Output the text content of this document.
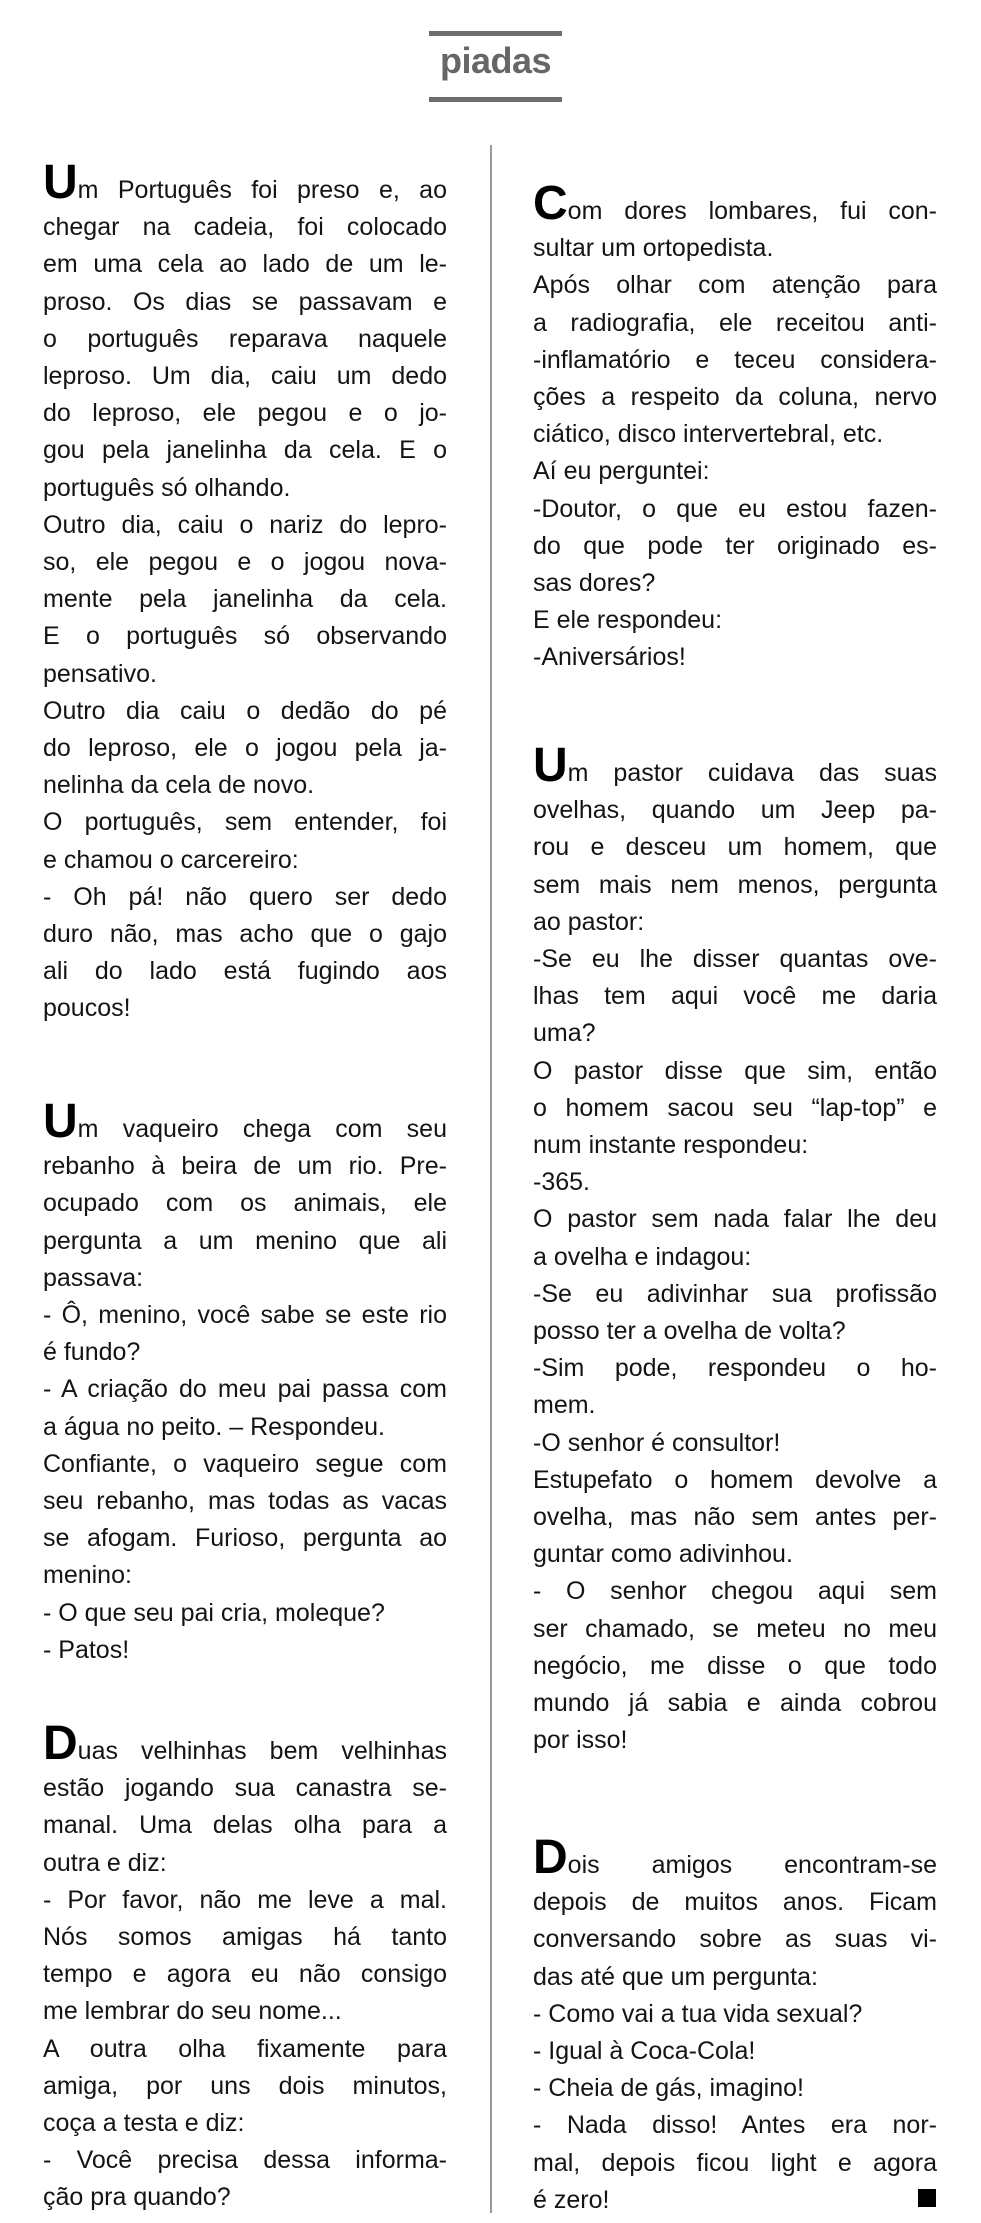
piadas
Um Português foi preso e, ao
chegar na cadeia, foi colocado
em uma cela ao lado de um le-
proso. Os dias se passavam e
o português reparava naquele
leproso. Um dia, caiu um dedo
do leproso, ele pegou e o jo-
gou pela janelinha da cela. E o
português só olhando.
Outro dia, caiu o nariz do lepro-
so, ele pegou e o jogou nova-
mente pela janelinha da cela.
E o português só observando
pensativo.
Outro dia caiu o dedão do pé
do leproso, ele o jogou pela ja-
nelinha da cela de novo.
O português, sem entender, foi
e chamou o carcereiro:
- Oh pá! não quero ser dedo
duro não, mas acho que o gajo
ali do lado está fugindo aos
poucos!
Um vaqueiro chega com seu
rebanho à beira de um rio. Pre-
ocupado com os animais, ele
pergunta a um menino que ali
passava:
- Ô, menino, você sabe se este rio
é fundo?
- A criação do meu pai passa com
a água no peito. – Respondeu.
Confiante, o vaqueiro segue com
seu rebanho, mas todas as vacas
se afogam. Furioso, pergunta ao
menino:
- O que seu pai cria, moleque?
- Patos!
Duas velhinhas bem velhinhas
estão jogando sua canastra se-
manal. Uma delas olha para a
outra e diz:
- Por favor, não me leve a mal.
Nós somos amigas há tanto
tempo e agora eu não consigo
me lembrar do seu nome...
A outra olha fixamente para
amiga, por uns dois minutos,
coça a testa e diz:
- Você precisa dessa informa-
ção pra quando?
Com dores lombares, fui con-
sultar um ortopedista.
Após olhar com atenção para
a radiografia, ele receitou anti-
-inflamatório e teceu considera-
ções a respeito da coluna, nervo
ciático, disco intervertebral, etc.
Aí eu perguntei:
-Doutor, o que eu estou fazen-
do que pode ter originado es-
sas dores?
E ele respondeu:
-Aniversários!
Um pastor cuidava das suas
ovelhas, quando um Jeep pa-
rou e desceu um homem, que
sem mais nem menos, pergunta
ao pastor:
-Se eu lhe disser quantas ove-
lhas tem aqui você me daria
uma?
O pastor disse que sim, então
o homem sacou seu “lap-top” e
num instante respondeu:
-365.
O pastor sem nada falar lhe deu
a ovelha e indagou:
-Se eu adivinhar sua profissão
posso ter a ovelha de volta?
-Sim pode, respondeu o ho-
mem.
-O senhor é consultor!
Estupefato o homem devolve a
ovelha, mas não sem antes per-
guntar como adivinhou.
- O senhor chegou aqui sem
ser chamado, se meteu no meu
negócio, me disse o que todo
mundo já sabia e ainda cobrou
por isso!
Dois amigos encontram-se
depois de muitos anos. Ficam
conversando sobre as suas vi-
das até que um pergunta:
- Como vai a tua vida sexual?
- Igual à Coca-Cola!
- Cheia de gás, imagino!
- Nada disso! Antes era nor-
mal, depois ficou light e agora
é zero!
